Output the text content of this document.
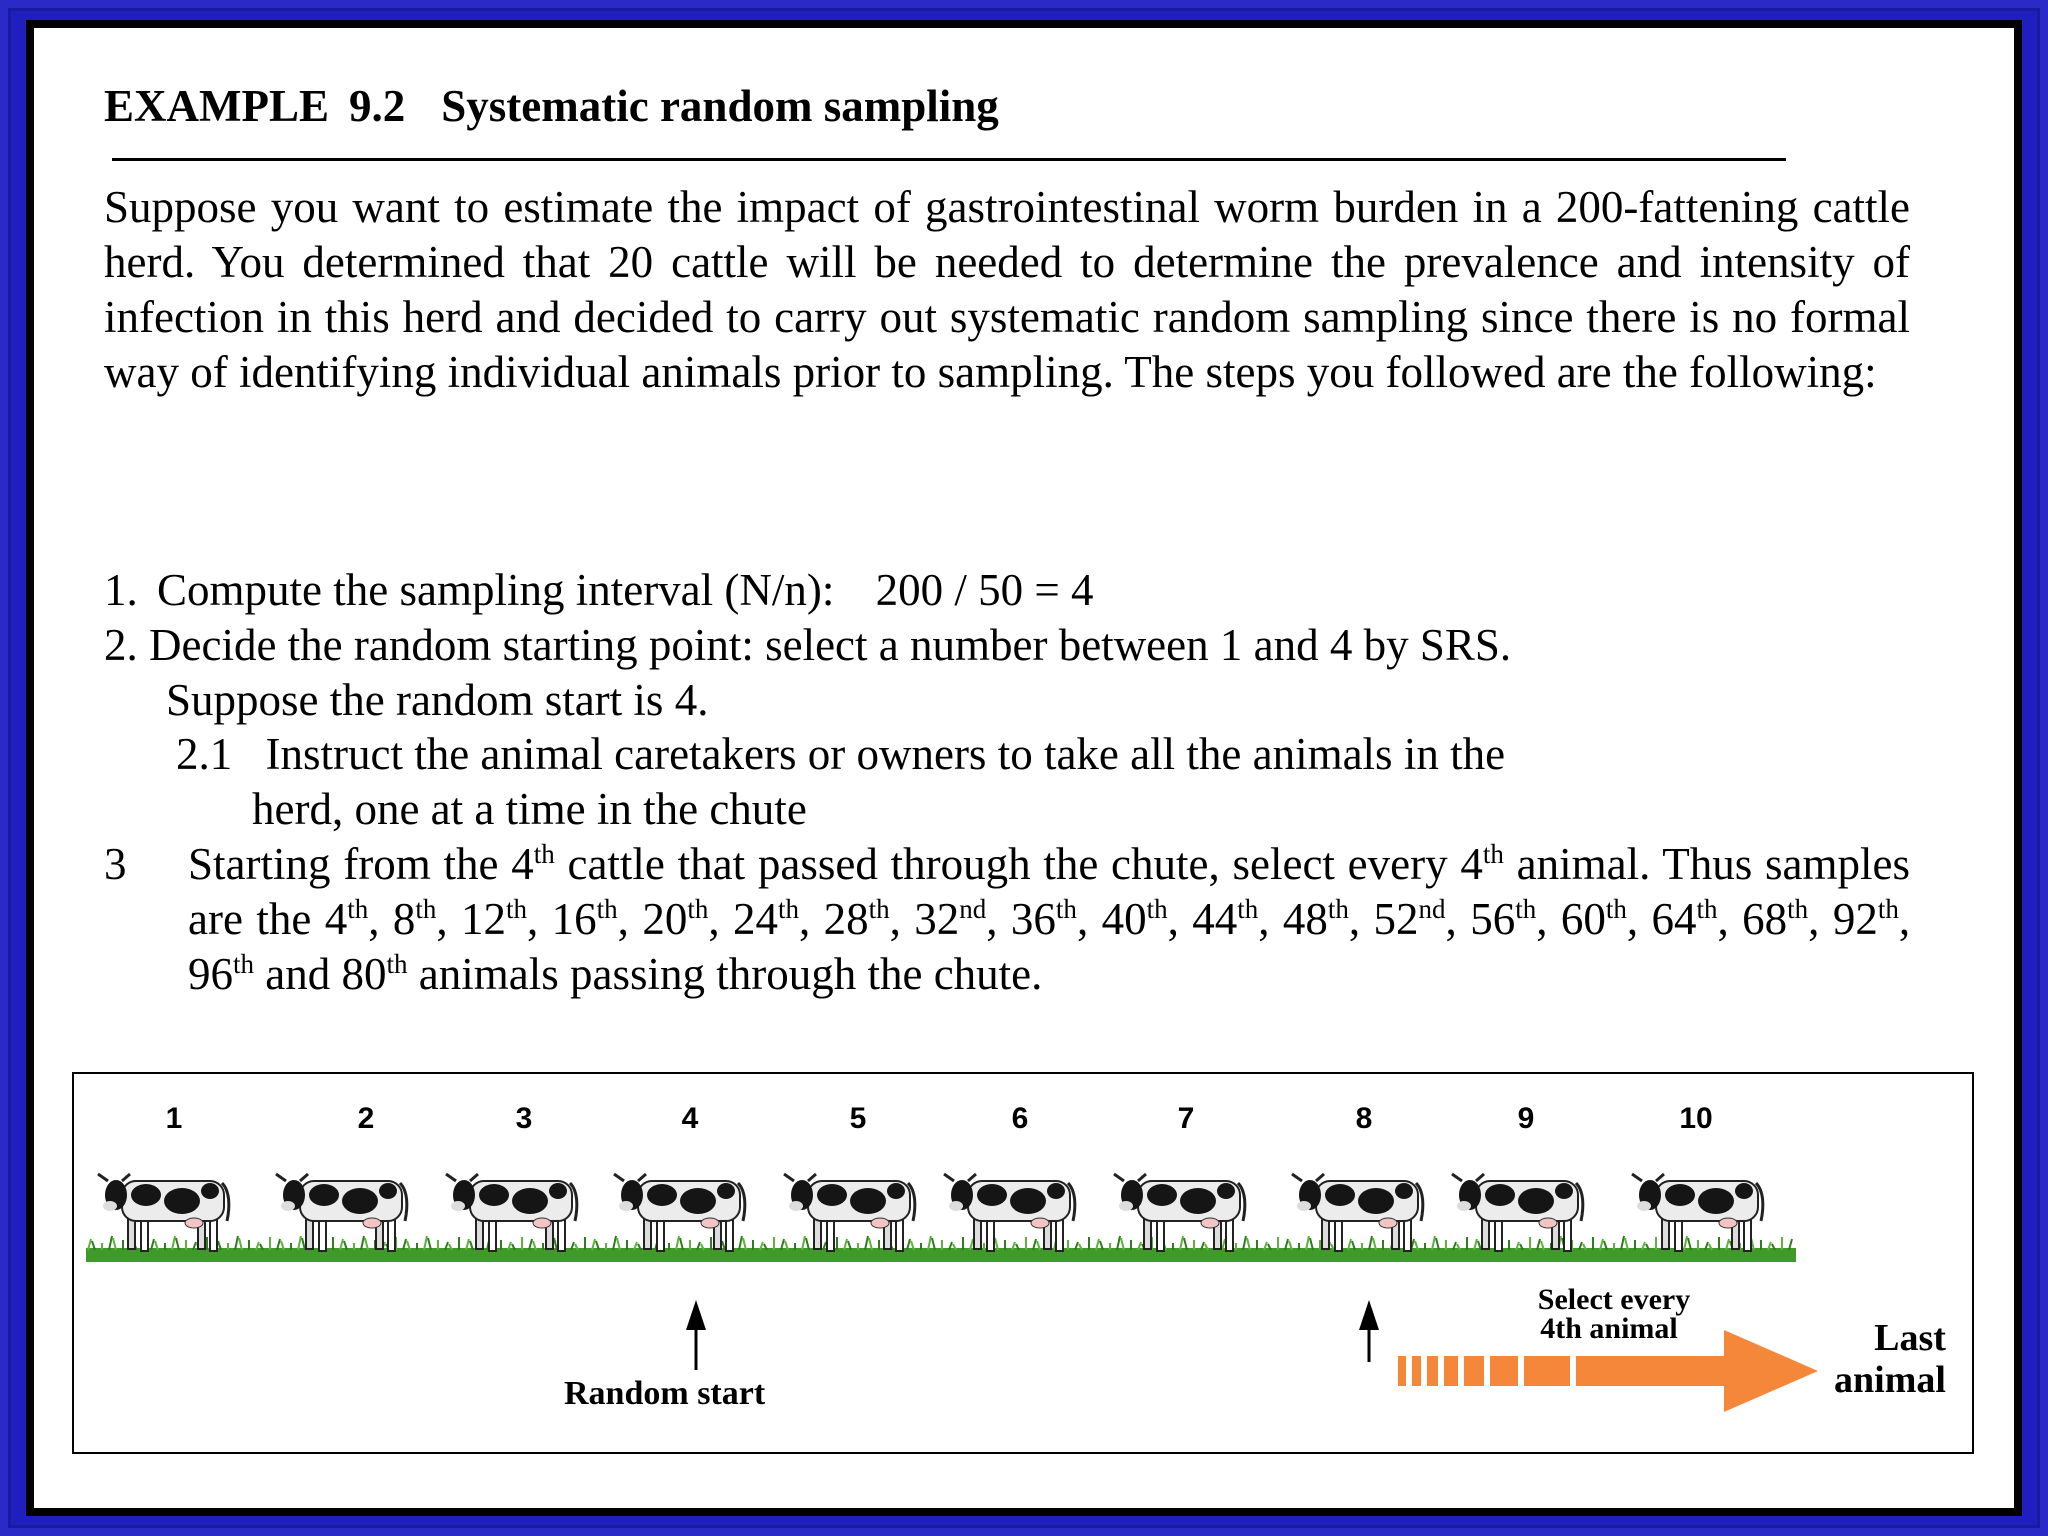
EXAMPLE 9.2 Systematic random sampling
Suppose you want to estimate the impact of gastrointestinal worm burden in a 200-fattening cattle herd. You determined that 20 cattle will be needed to determine the prevalence and intensity of infection in this herd and decided to carry out systematic random sampling since there is no formal way of identifying individual animals prior to sampling. The steps you followed are the following:
1. Compute the sampling interval (N/n): 200 / 50 = 4
2. Decide the random starting point: select a number between 1 and 4 by SRS.
Suppose the random start is 4.
2.1 Instruct the animal caretakers or owners to take all the animals in the
herd, one at a time in the chute
3 Starting from the 4th cattle that passed through the chute, select every 4th animal. Thus samples are the 4th, 8th, 12th, 16th, 20th, 24th, 28th, 32nd, 36th, 40th, 44th, 48th, 52nd, 56th, 60th, 64th, 68th, 92th, 96th and 80th animals passing through the chute.
1	2	3	4	5	6	7	8	9	10
Random start
Select every
4th animal	Last
animal
